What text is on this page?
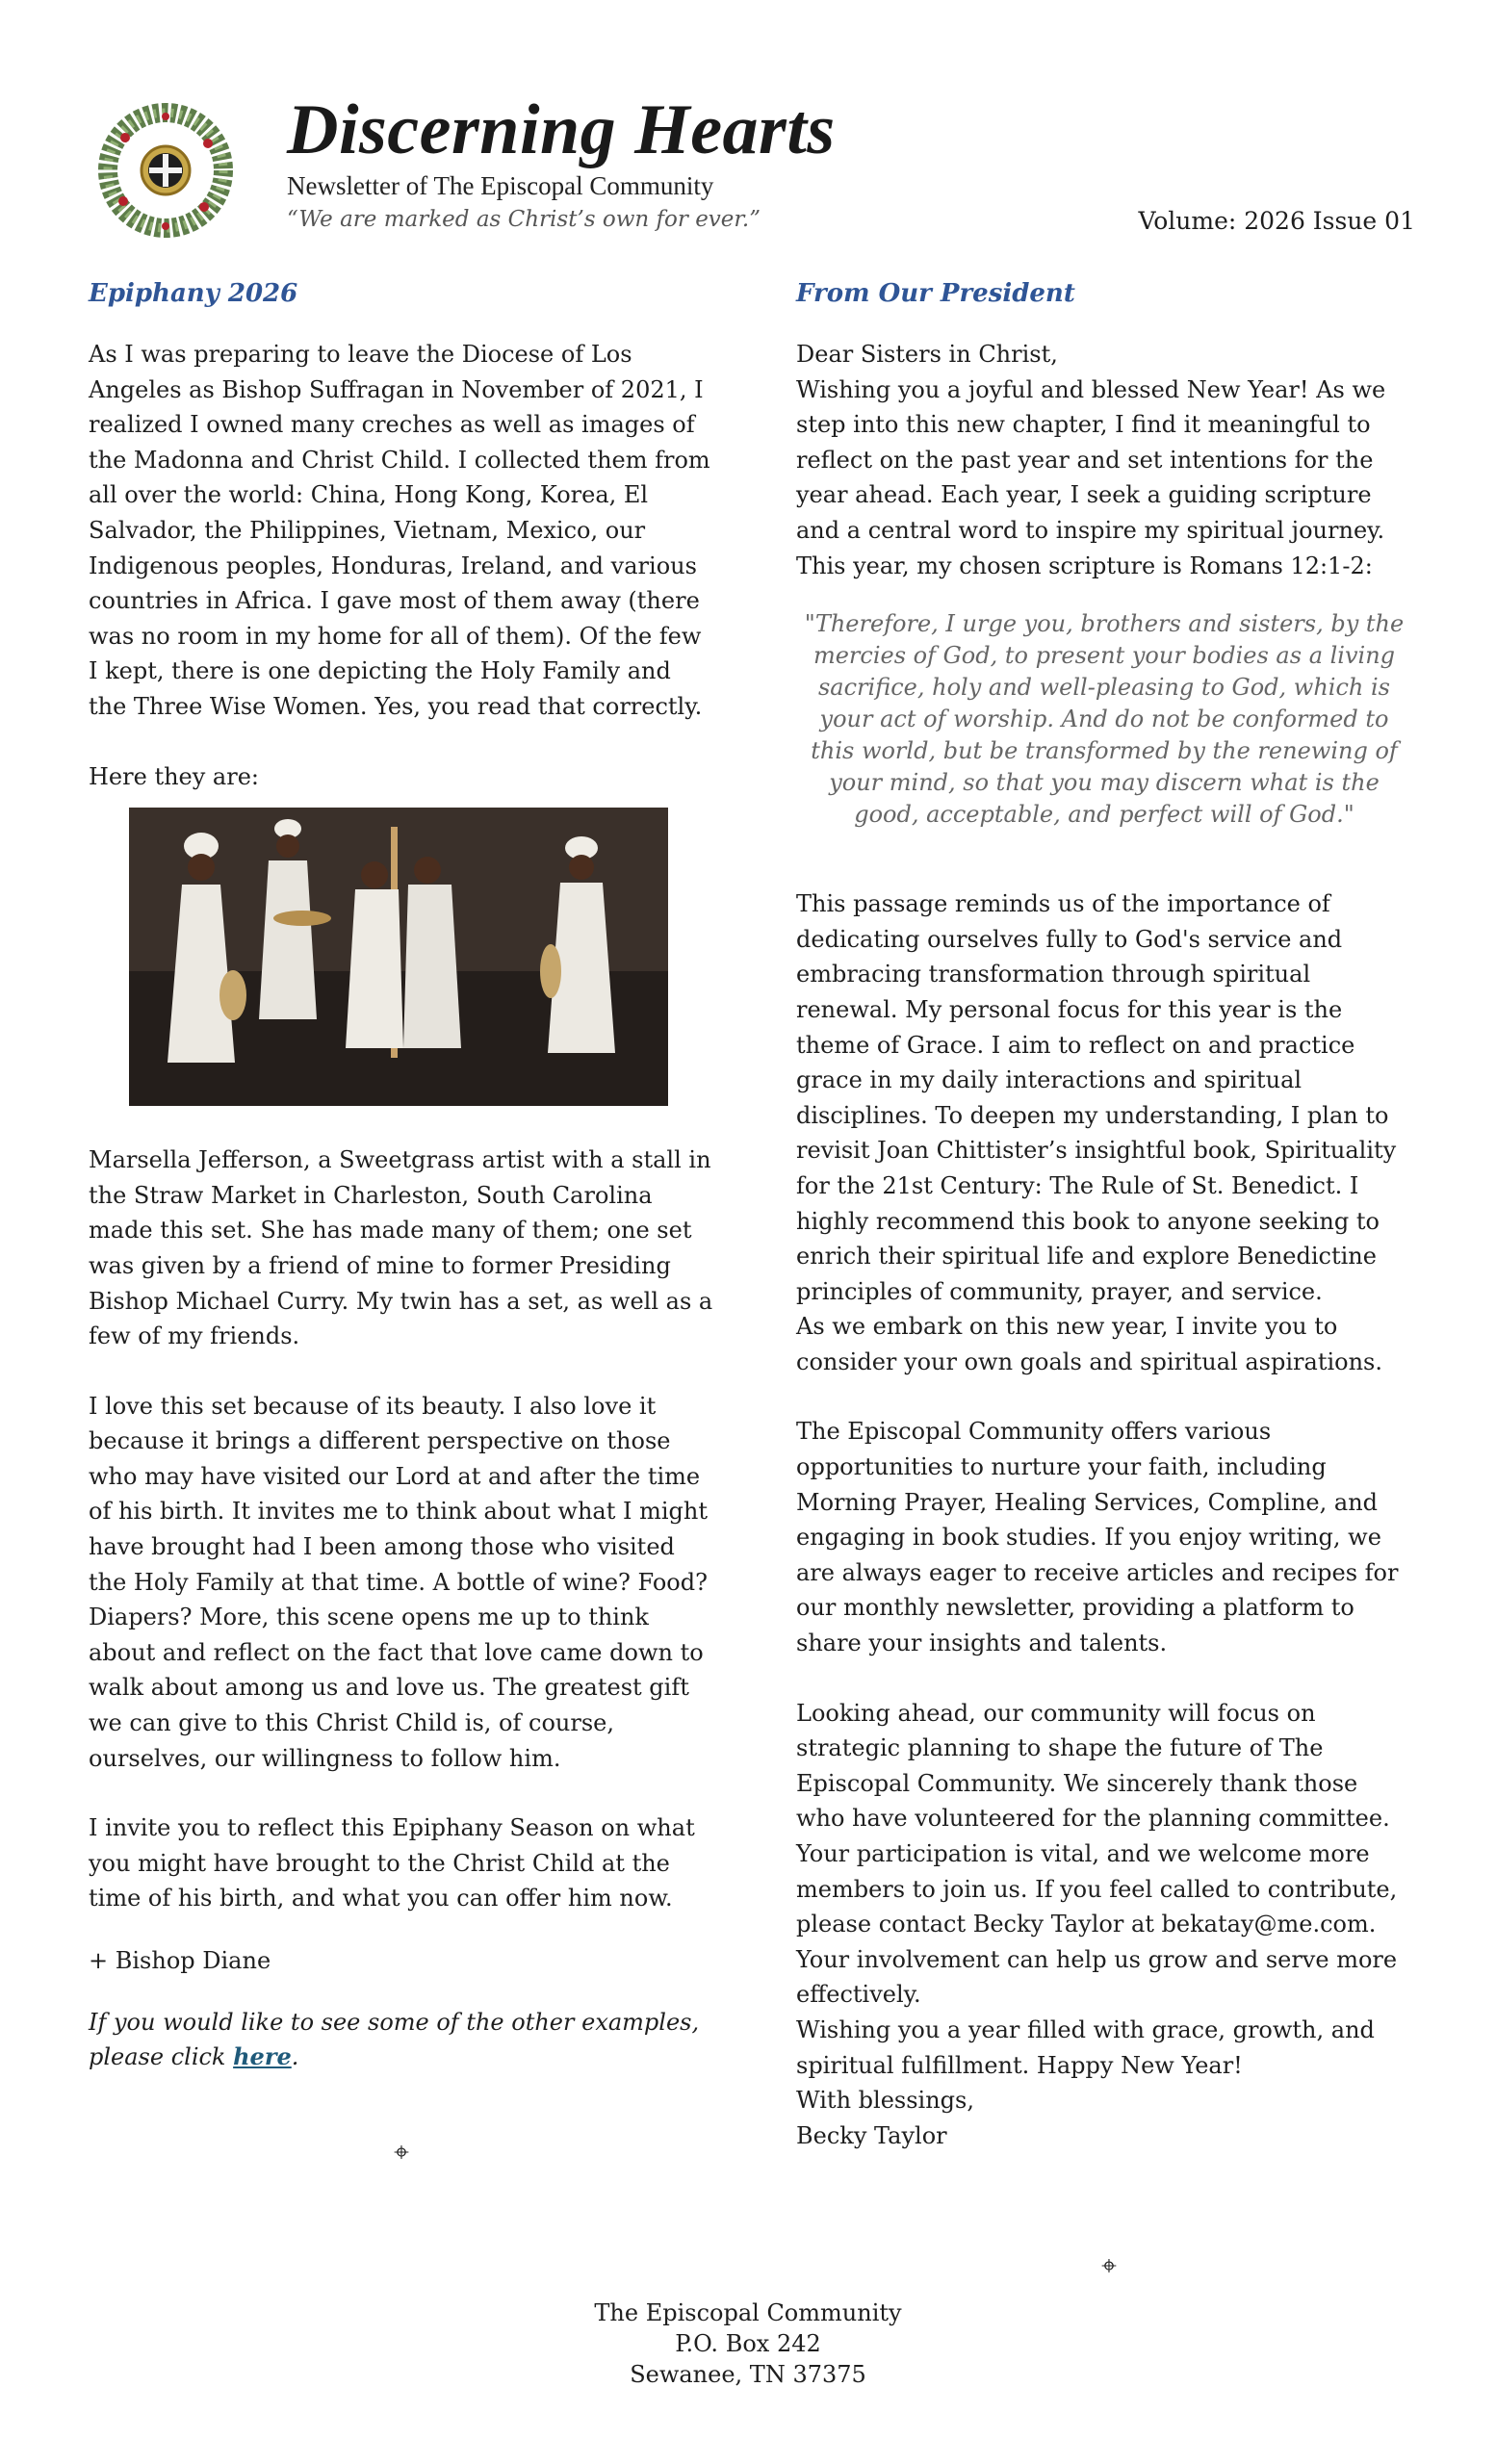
Discerning Hearts
Newsletter of The Episcopal Community
“We are marked as Christ’s own for ever.”	Volume: 2026 Issue 01
Epiphany 2026

As I was preparing to leave the Diocese of Los Angeles as Bishop Suffragan in November of 2021, I realized I owned many creches as well as images of the Madonna and Christ Child. I collected them from all over the world: China, Hong Kong, Korea, El Salvador, the Philippines, Vietnam, Mexico, our Indigenous peoples, Honduras, Ireland, and various countries in Africa. I gave most of them away (there was no room in my home for all of them). Of the few I kept, there is one depicting the Holy Family and the Three Wise Women. Yes, you read that correctly.

Here they are:

Marsella Jefferson, a Sweetgrass artist with a stall in the Straw Market in Charleston, South Carolina made this set. She has made many of them; one set was given by a friend of mine to former Presiding Bishop Michael Curry. My twin has a set, as well as a few of my friends.

I love this set because of its beauty. I also love it because it brings a different perspective on those who may have visited our Lord at and after the time of his birth. It invites me to think about what I might have brought had I been among those who visited the Holy Family at that time. A bottle of wine? Food? Diapers? More, this scene opens me up to think about and reflect on the fact that love came down to walk about among us and love us. The greatest gift we can give to this Christ Child is, of course, ourselves, our willingness to follow him.

I invite you to reflect this Epiphany Season on what you might have brought to the Christ Child at the time of his birth, and what you can offer him now.

+ Bishop Diane

If you would like to see some of the other examples, please click here.

⌖
From Our President

Dear Sisters in Christ,
Wishing you a joyful and blessed New Year! As we step into this new chapter, I find it meaningful to reflect on the past year and set intentions for the year ahead. Each year, I seek a guiding scripture and a central word to inspire my spiritual journey. This year, my chosen scripture is Romans 12:1-2:

"Therefore, I urge you, brothers and sisters, by the mercies of God, to present your bodies as a living sacrifice, holy and well-pleasing to God, which is your act of worship. And do not be conformed to this world, but be transformed by the renewing of your mind, so that you may discern what is the good, acceptable, and perfect will of God."

This passage reminds us of the importance of dedicating ourselves fully to God's service and embracing transformation through spiritual renewal. My personal focus for this year is the theme of Grace. I aim to reflect on and practice grace in my daily interactions and spiritual disciplines. To deepen my understanding, I plan to revisit Joan Chittister’s insightful book, Spirituality for the 21st Century: The Rule of St. Benedict. I highly recommend this book to anyone seeking to enrich their spiritual life and explore Benedictine principles of community, prayer, and service.
As we embark on this new year, I invite you to consider your own goals and spiritual aspirations.

The Episcopal Community offers various opportunities to nurture your faith, including Morning Prayer, Healing Services, Compline, and engaging in book studies. If you enjoy writing, we are always eager to receive articles and recipes for our monthly newsletter, providing a platform to share your insights and talents.

Looking ahead, our community will focus on strategic planning to shape the future of The Episcopal Community. We sincerely thank those who have volunteered for the planning committee. Your participation is vital, and we welcome more members to join us. If you feel called to contribute, please contact Becky Taylor at bekatay@me.com. Your involvement can help us grow and serve more effectively.
Wishing you a year filled with grace, growth, and spiritual fulfillment. Happy New Year!
With blessings,
Becky Taylor

⌖
The Episcopal Community
P.O. Box 242
Sewanee, TN 37375
